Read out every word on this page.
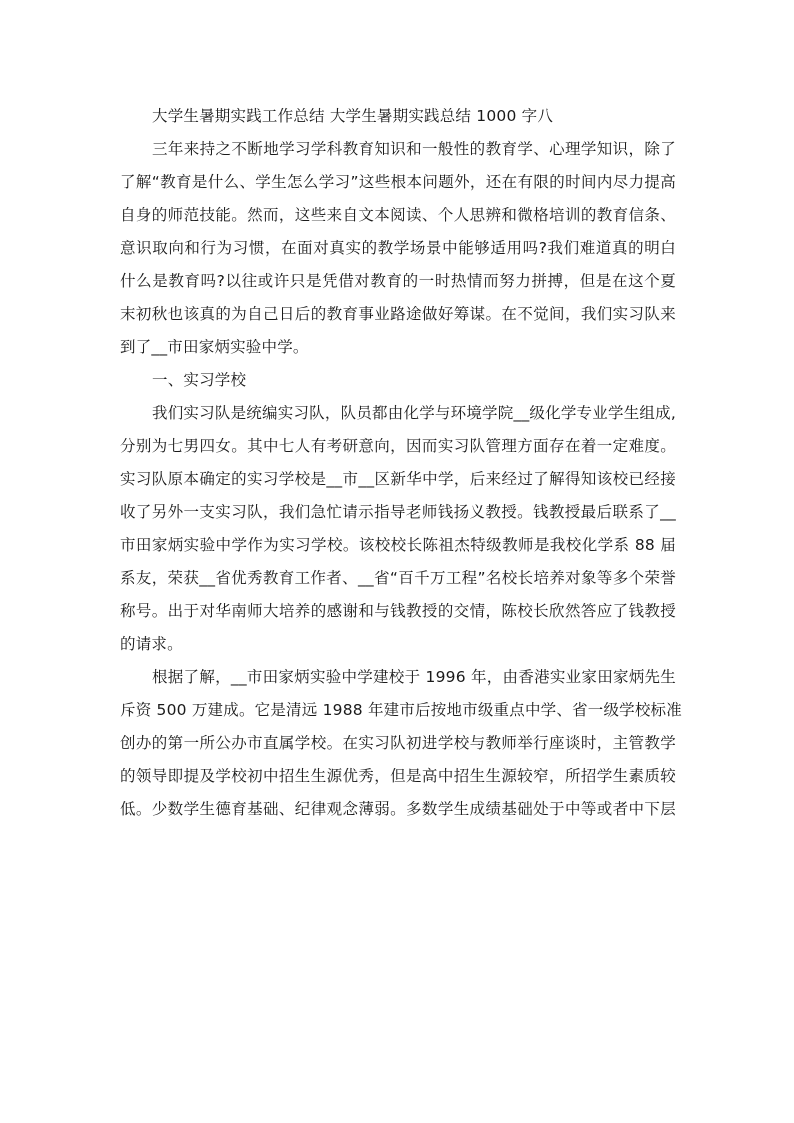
大学生暑期实践工作总结 大学生暑期实践总结 1000 字八
三年来持之不断地学习学科教育知识和一般性的教育学、心理学知识，除了
了解“教育是什么、学生怎么学习”这些根本问题外，还在有限的时间内尽力提高
自身的师范技能。然而，这些来自文本阅读、个人思辨和微格培训的教育信条、
意识取向和行为习惯，在面对真实的教学场景中能够适用吗?我们难道真的明白
什么是教育吗?以往或许只是凭借对教育的一时热情而努力拼搏，但是在这个夏
末初秋也该真的为自己日后的教育事业路途做好筹谋。在不觉间，我们实习队来
到了__市田家炳实验中学。
一、实习学校
我们实习队是统编实习队，队员都由化学与环境学院__级化学专业学生组成,
分别为七男四女。其中七人有考研意向，因而实习队管理方面存在着一定难度。
实习队原本确定的实习学校是__市__区新华中学，后来经过了解得知该校已经接
收了另外一支实习队，我们急忙请示指导老师钱扬义教授。钱教授最后联系了__
市田家炳实验中学作为实习学校。该校校长陈祖杰特级教师是我校化学系 88 届
系友，荣获__省优秀教育工作者、__省“百千万工程”名校长培养对象等多个荣誉
称号。出于对华南师大培养的感谢和与钱教授的交情，陈校长欣然答应了钱教授
的请求。
根据了解，__市田家炳实验中学建校于 1996 年，由香港实业家田家炳先生
斥资 500 万建成。它是清远 1988 年建市后按地市级重点中学、省一级学校标准
创办的第一所公办市直属学校。在实习队初进学校与教师举行座谈时，主管教学
的领导即提及学校初中招生生源优秀，但是高中招生生源较窄，所招学生素质较
低。少数学生德育基础、纪律观念薄弱。多数学生成绩基础处于中等或者中下层
